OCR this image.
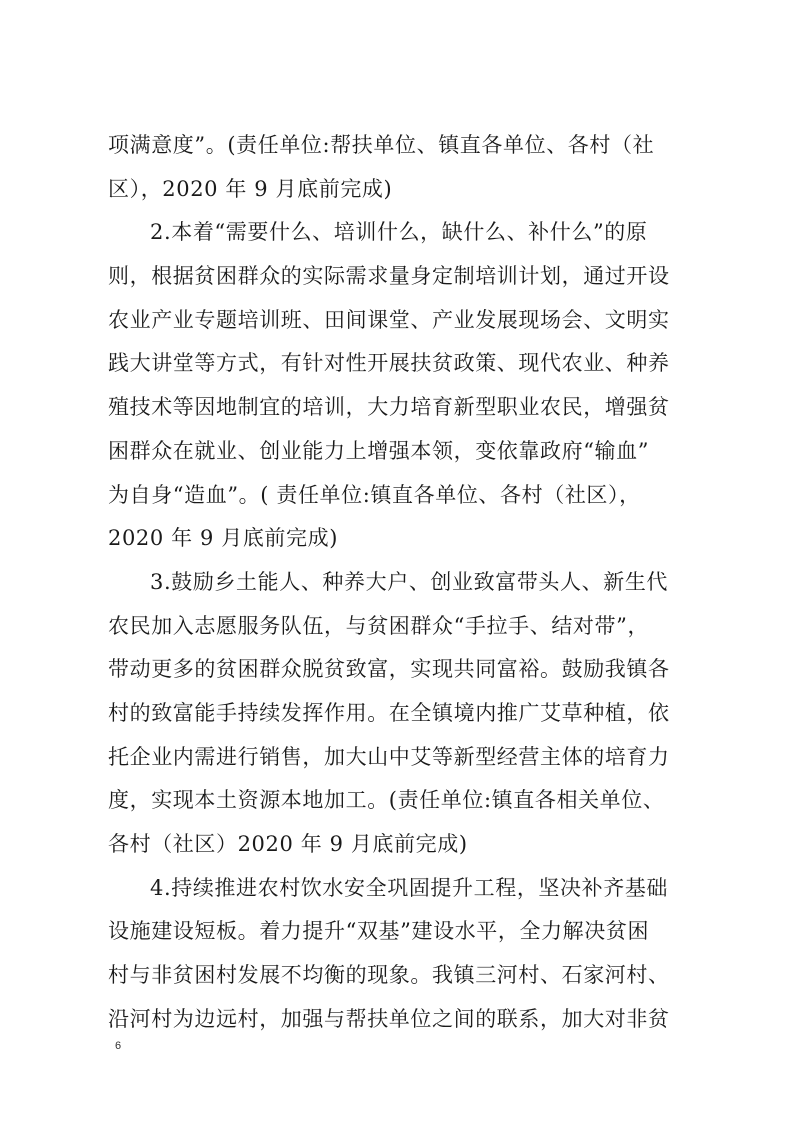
项满意度”。(责任单位:帮扶单位、镇直各单位、各村（社
区），2020 年 9 月底前完成)
2.本着“需要什么、培训什么，缺什么、补什么”的原
则，根据贫困群众的实际需求量身定制培训计划，通过开设
农业产业专题培训班、田间课堂、产业发展现场会、文明实
践大讲堂等方式，有针对性开展扶贫政策、现代农业、种养
殖技术等因地制宜的培训，大力培育新型职业农民，增强贫
困群众在就业、创业能力上增强本领，变依靠政府“输血”
为自身“造血”。( 责任单位:镇直各单位、各村（社区），
2020 年 9 月底前完成)
3.鼓励乡土能人、种养大户、创业致富带头人、新生代
农民加入志愿服务队伍，与贫困群众“手拉手、结对带”，
带动更多的贫困群众脱贫致富，实现共同富裕。鼓励我镇各
村的致富能手持续发挥作用。在全镇境内推广艾草种植，依
托企业内需进行销售，加大山中艾等新型经营主体的培育力
度，实现本土资源本地加工。(责任单位:镇直各相关单位、
各村（社区）2020 年 9 月底前完成)
4.持续推进农村饮水安全巩固提升工程，坚决补齐基础
设施建设短板。着力提升“双基”建设水平，全力解决贫困
村与非贫困村发展不均衡的现象。我镇三河村、石家河村、
沿河村为边远村，加强与帮扶单位之间的联系，加大对非贫
6
